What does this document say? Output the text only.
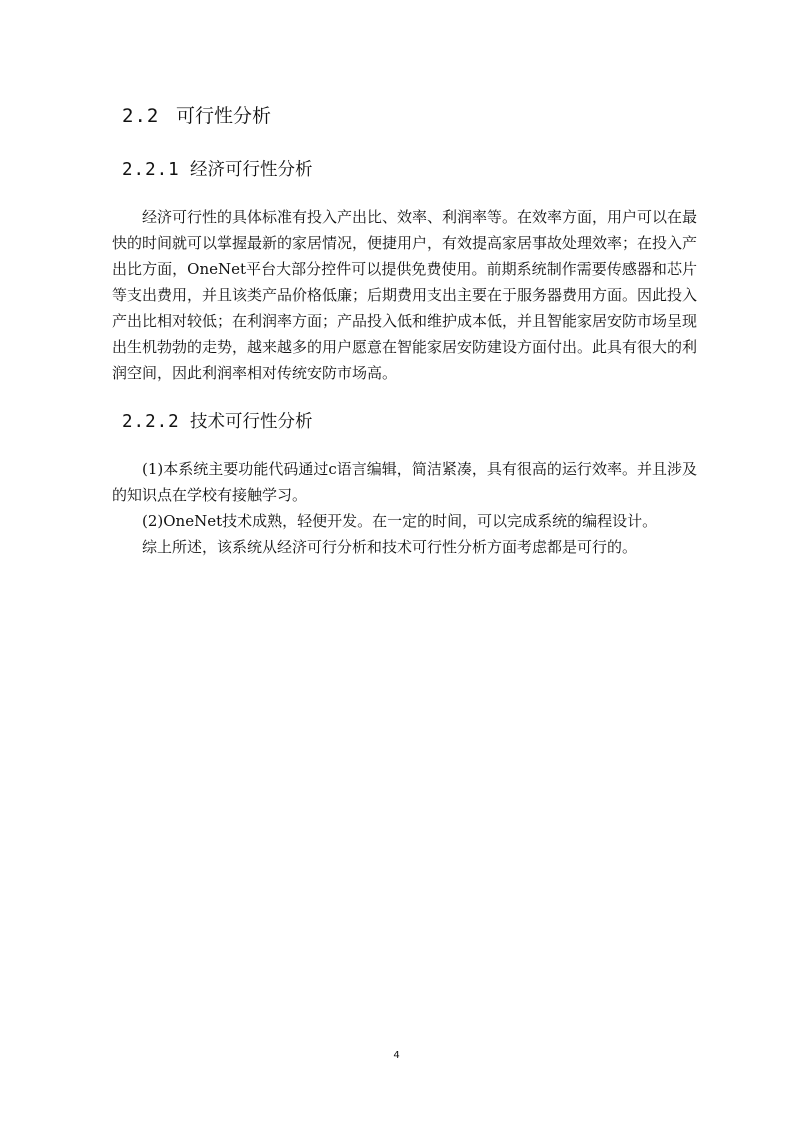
2.2 可行性分析
2.2.1 经济可行性分析

经济可行性的具体标准有投入产出比、效率、利润率等。在效率方面，用户可以在最快的时间就可以掌握最新的家居情况，便捷用户，有效提高家居事故处理效率；在投入产出比方面，OneNet平台大部分控件可以提供免费使用。前期系统制作需要传感器和芯片等支出费用，并且该类产品价格低廉；后期费用支出主要在于服务器费用方面。因此投入产出比相对较低；在利润率方面；产品投入低和维护成本低，并且智能家居安防市场呈现出生机勃勃的走势，越来越多的用户愿意在智能家居安防建设方面付出。此具有很大的利润空间，因此利润率相对传统安防市场高。

2.2.2 技术可行性分析

(1)本系统主要功能代码通过c语言编辑，简洁紧凑，具有很高的运行效率。并且涉及的知识点在学校有接触学习。

(2)OneNet技术成熟，轻便开发。在一定的时间，可以完成系统的编程设计。

综上所述，该系统从经济可行分析和技术可行性分析方面考虑都是可行的。

4
